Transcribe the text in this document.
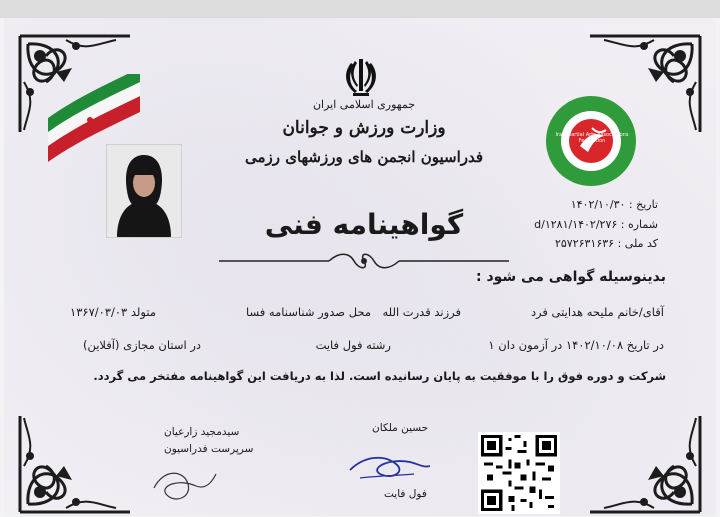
جمهوری اسلامی ایران
وزارت ورزش و جوانان
فدراسیون انجمن های ورزشهای رزمی
گواهینامه فنی
Iran Martial Arts Associations Federation
تاریخ : ۱۴۰۲/۱۰/۳۰
شماره : ۱۴۰۲/۲۷۶/d/۱۲۸۱
کد ملی : ۲۵۷۲۶۳۱۶۳۶
بدینوسیله گواهی می شود :
آقای/خانم ملیحه هدایتی فرد
فرزند قدرت الله
محل صدور شناسنامه فسا
متولد ۱۳۶۷/۰۳/۰۳
در تاریخ ۱۴۰۲/۱۰/۰۸ در آزمون دان ۱
رشته فول فایت
در استان مجازی (آفلاین)
شرکت و دوره فوق را با موفقیت به پایان رسانیده است. لذا به دریافت این گواهینامه مفتخر می گردد.
سیدمجید زارعیان
سرپرست فدراسیون
حسین ملکان
فول فایت
